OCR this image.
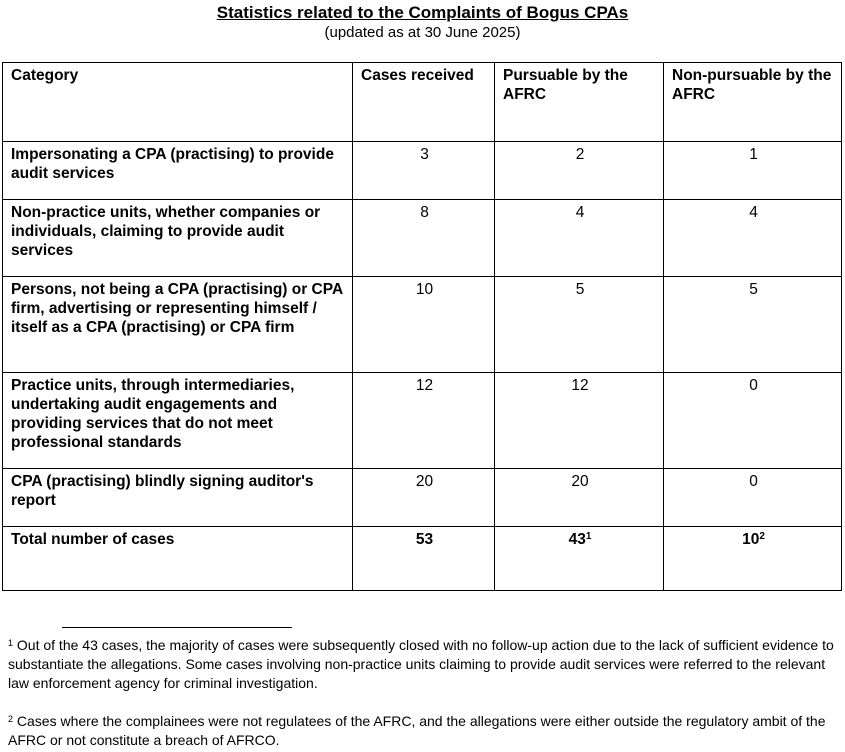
Statistics related to the Complaints of Bogus CPAs
(updated as at 30 June 2025)
Category	Cases received	Pursuable by the AFRC	Non-pursuable by the AFRC
Impersonating a CPA (practising) to provide audit services	3	2	1
Non-practice units, whether companies or individuals, claiming to provide audit services	8	4	4
Persons, not being a CPA (practising) or CPA firm, advertising or representing himself / itself as a CPA (practising) or CPA firm	10	5	5
Practice units, through intermediaries, undertaking audit engagements and providing services that do not meet professional standards	12	12	0
CPA (practising) blindly signing auditor's report	20	20	0
Total number of cases	53	$43^1$	$10^2$
$^1$ Out of the 43 cases, the majority of cases were subsequently closed with no follow-up action due to the lack of sufficient evidence to substantiate the allegations. Some cases involving non-practice units claiming to provide audit services were referred to the relevant law enforcement agency for criminal investigation.
$^2$ Cases where the complainees were not regulatees of the AFRC, and the allegations were either outside the regulatory ambit of the AFRC or not constitute a breach of AFRCO.
